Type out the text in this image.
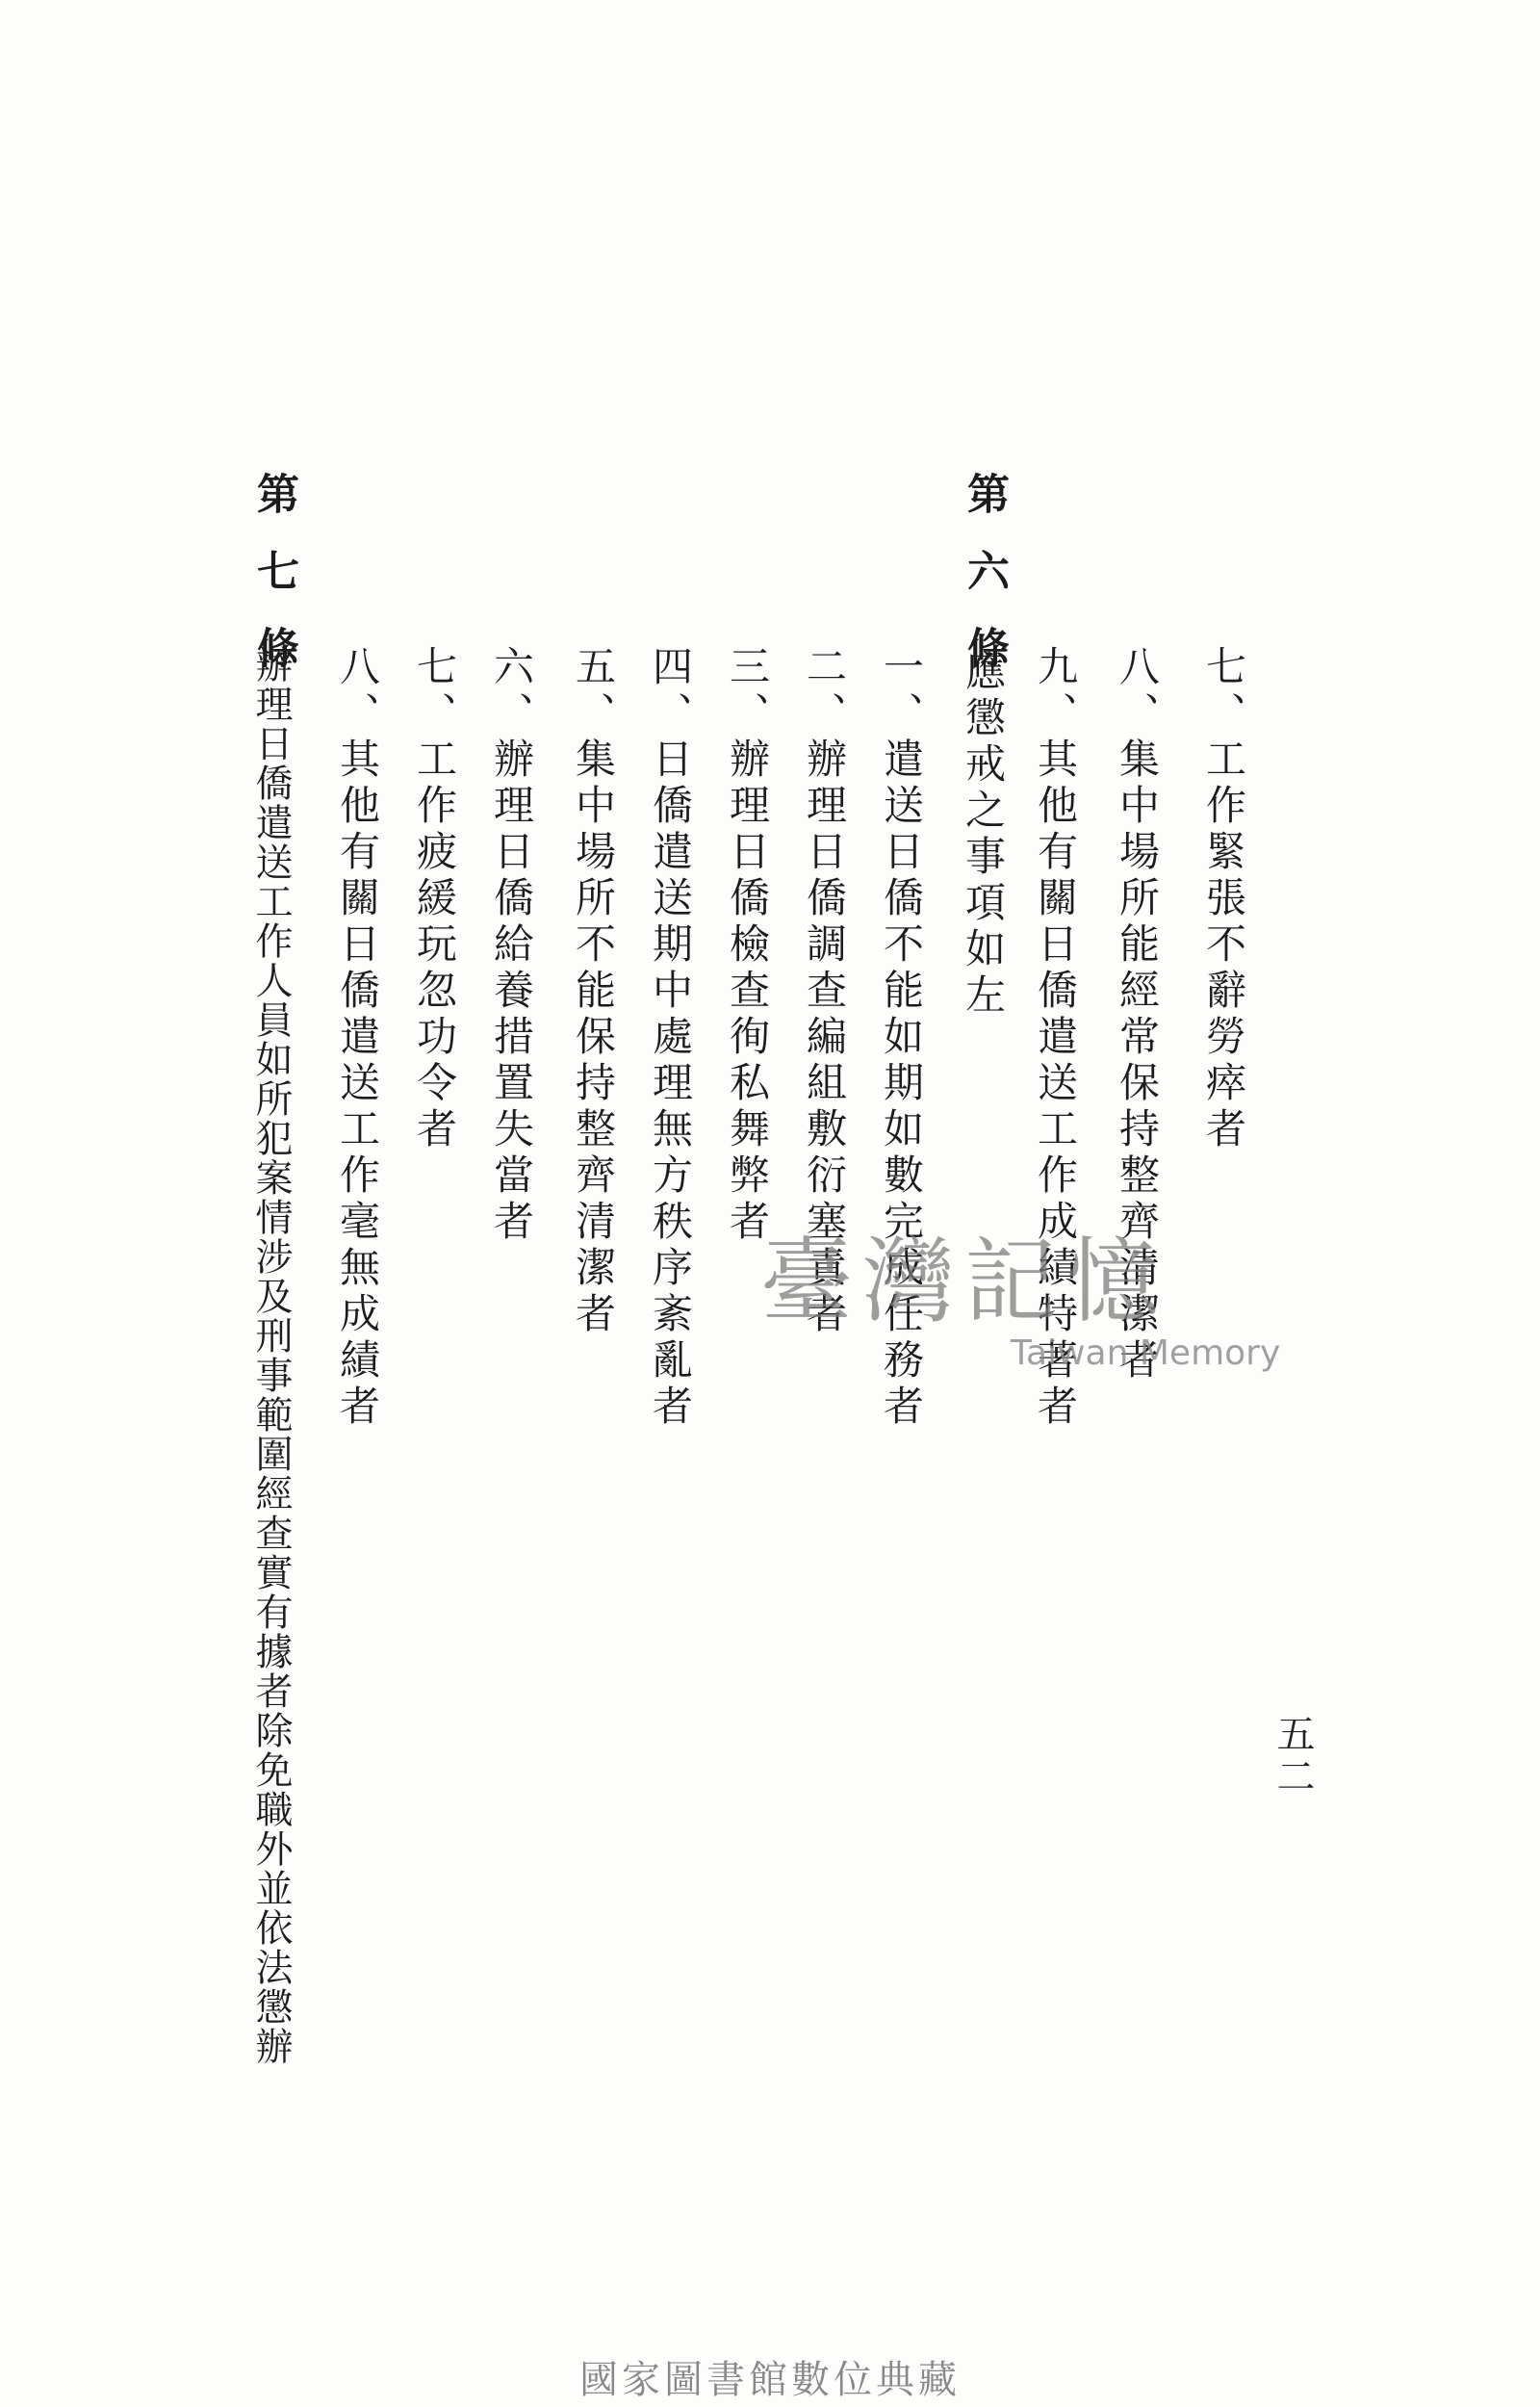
五二
七、工作緊張不辭勞瘁者
八、集中場所能經常保持整齊清潔者
九、其他有關日僑遣送工作成績特著者
第六條
應懲戒之事項如左
一、遣送日僑不能如期如數完成任務者
二、辦理日僑調查編組敷衍塞責者
三、辦理日僑檢查徇私舞弊者
四、日僑遣送期中處理無方秩序紊亂者
五、集中場所不能保持整齊清潔者
六、辦理日僑給養措置失當者
七、工作疲緩玩忽功令者
八、其他有關日僑遣送工作毫無成績者
第七條
辦理日僑遣送工作人員如所犯案情涉及刑事範圍經查實有據者除免職外並依法懲辦	臺灣記憶
Taiwan Memory
國家圖書館數位典藏
